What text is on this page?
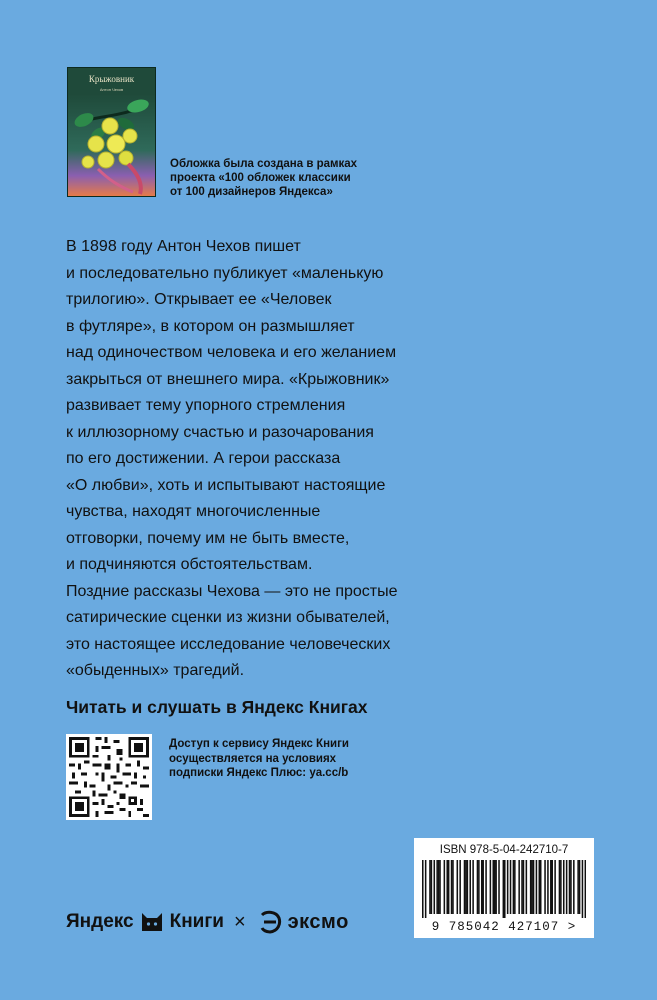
Крыжовник
Антон Чехов
Обложка была создана в рамках
проекта «100 обложек классики
от 100 дизайнеров Яндекса»
В 1898 году Антон Чехов пишет
и последовательно публикует «маленькую
трилогию». Открывает ее «Человек
в футляре», в котором он размышляет
над одиночеством человека и его желанием
закрыться от внешнего мира. «Крыжовник»
развивает тему упорного стремления
к иллюзорному счастью и разочарования
по его достижении. А герои рассказа
«О любви», хоть и испытывают настоящие
чувства, находят многочисленные
отговорки, почему им не быть вместе,
и подчиняются обстоятельствам.
Поздние рассказы Чехова — это не простые
сатирические сценки из жизни обывателей,
это настоящее исследование человеческих
«обыденных» трагедий.
Читать и слушать в Яндекс Книгах
Доступ к сервису Яндекс Книги
осуществляется на условиях
подписки Яндекс Плюс: ya.cc/b
ISBN 978-5-04-242710-7
9 785042 427107 >
Яндекс Книги × эксмо
